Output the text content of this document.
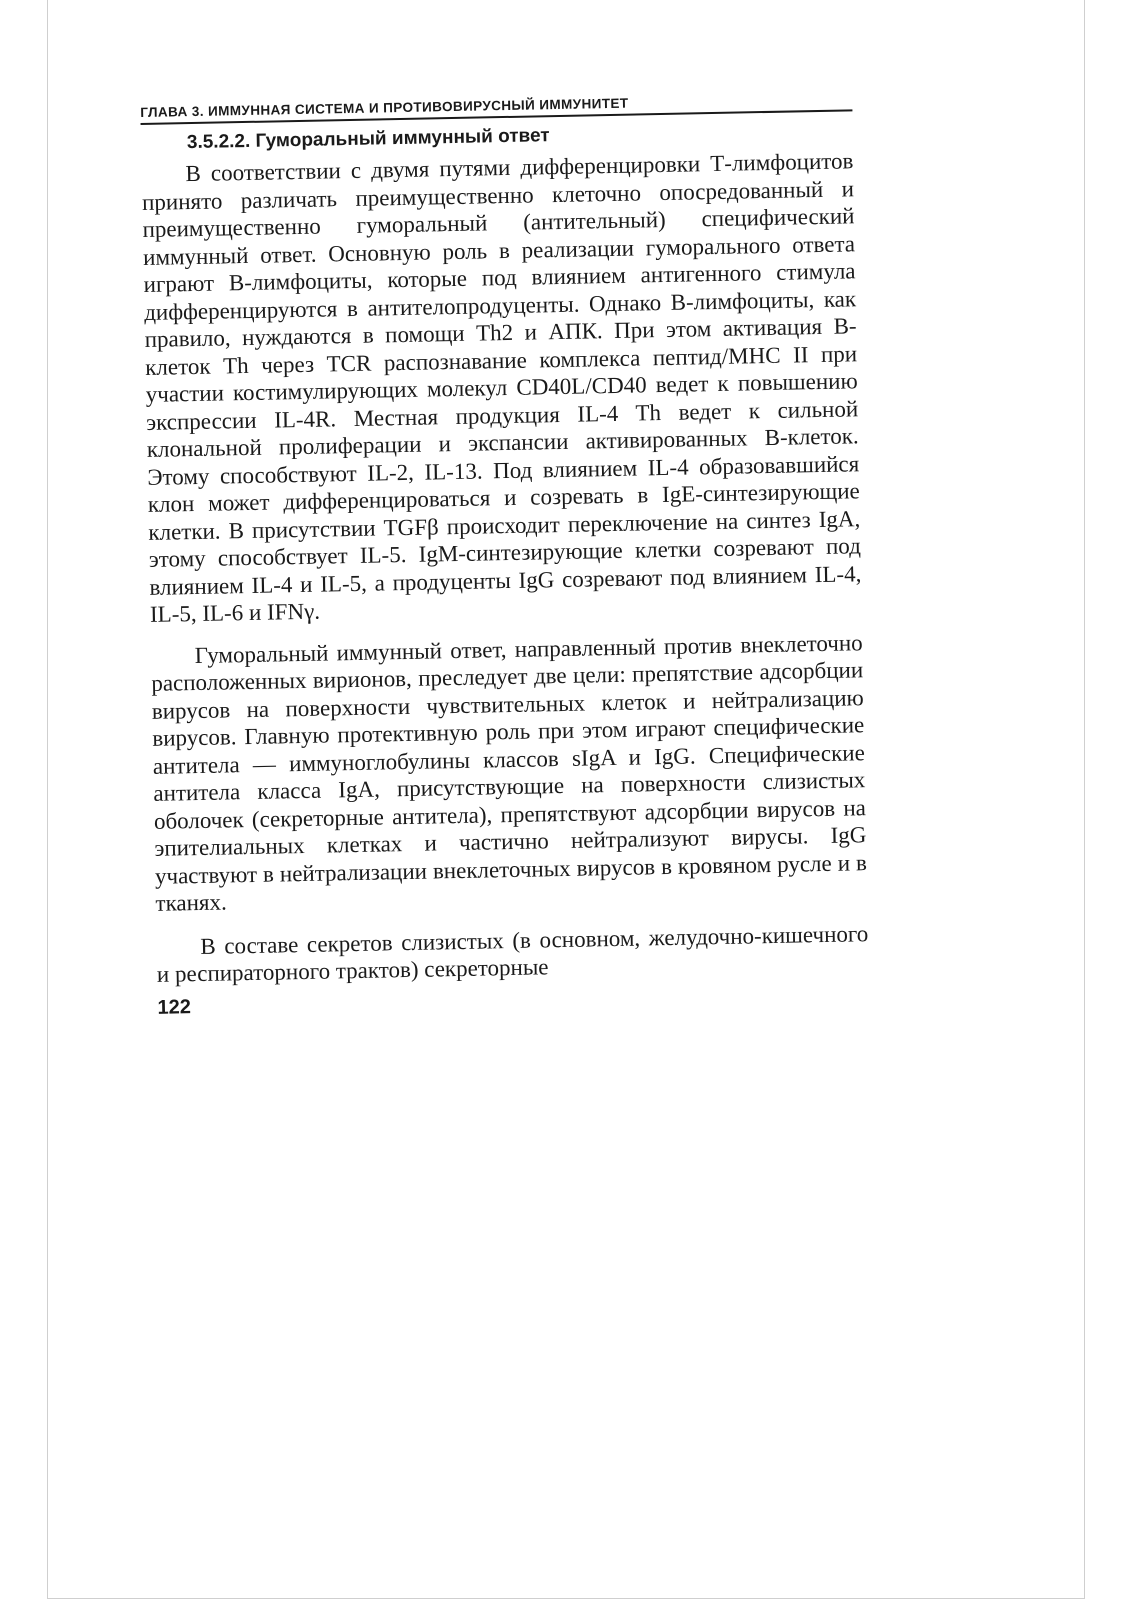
ГЛАВА 3. ИММУННАЯ СИСТЕМА И ПРОТИВОВИРУСНЫЙ ИММУНИТЕТ
3.5.2.2. Гуморальный иммунный ответ

В соответствии с двумя путями дифференцировки Т-лимфоцитов принято различать преимущественно клеточно опосредованный и преимущественно гуморальный (антительный) специфический иммунный ответ. Основную роль в реализации гуморального ответа играют В-лимфоциты, которые под влиянием антигенного стимула дифференцируются в антителопродуценты. Однако В-лимфоциты, как правило, нуждаются в помощи Th2 и АПК. При этом активация В-клеток Th через TCR распознавание комплекса пептид/МНС II при участии костимулирующих молекул CD40L/CD40 ведет к повышению экспрессии IL-4R. Местная продукция IL-4 Th ведет к сильной клональной пролиферации и экспансии активированных В-клеток. Этому способствуют IL-2, IL-13. Под влиянием IL-4 образовавшийся клон может дифференцироваться и созревать в IgE-синтезирующие клетки. В присутствии TGFβ происходит переключение на синтез IgA, этому способствует IL-5. IgM-синтезирующие клетки созревают под влиянием IL-4 и IL-5, а продуценты IgG созревают под влиянием IL-4, IL-5, IL-6 и IFNγ.

Гуморальный иммунный ответ, направленный против внеклеточно расположенных вирионов, преследует две цели: препятствие адсорбции вирусов на поверхности чувствительных клеток и нейтрализацию вирусов. Главную протективную роль при этом играют специфические антитела — иммуноглобулины классов sIgA и IgG. Специфические антитела класса IgA, присутствующие на поверхности слизистых оболочек (секреторные антитела), препятствуют адсорбции вирусов на эпителиальных клетках и частично нейтрализуют вирусы. IgG участвуют в нейтрализации внеклеточных вирусов в кровяном русле и в тканях.

В составе секретов слизистых (в основном, желудочно-кишечного и респираторного трактов) секреторные

122
